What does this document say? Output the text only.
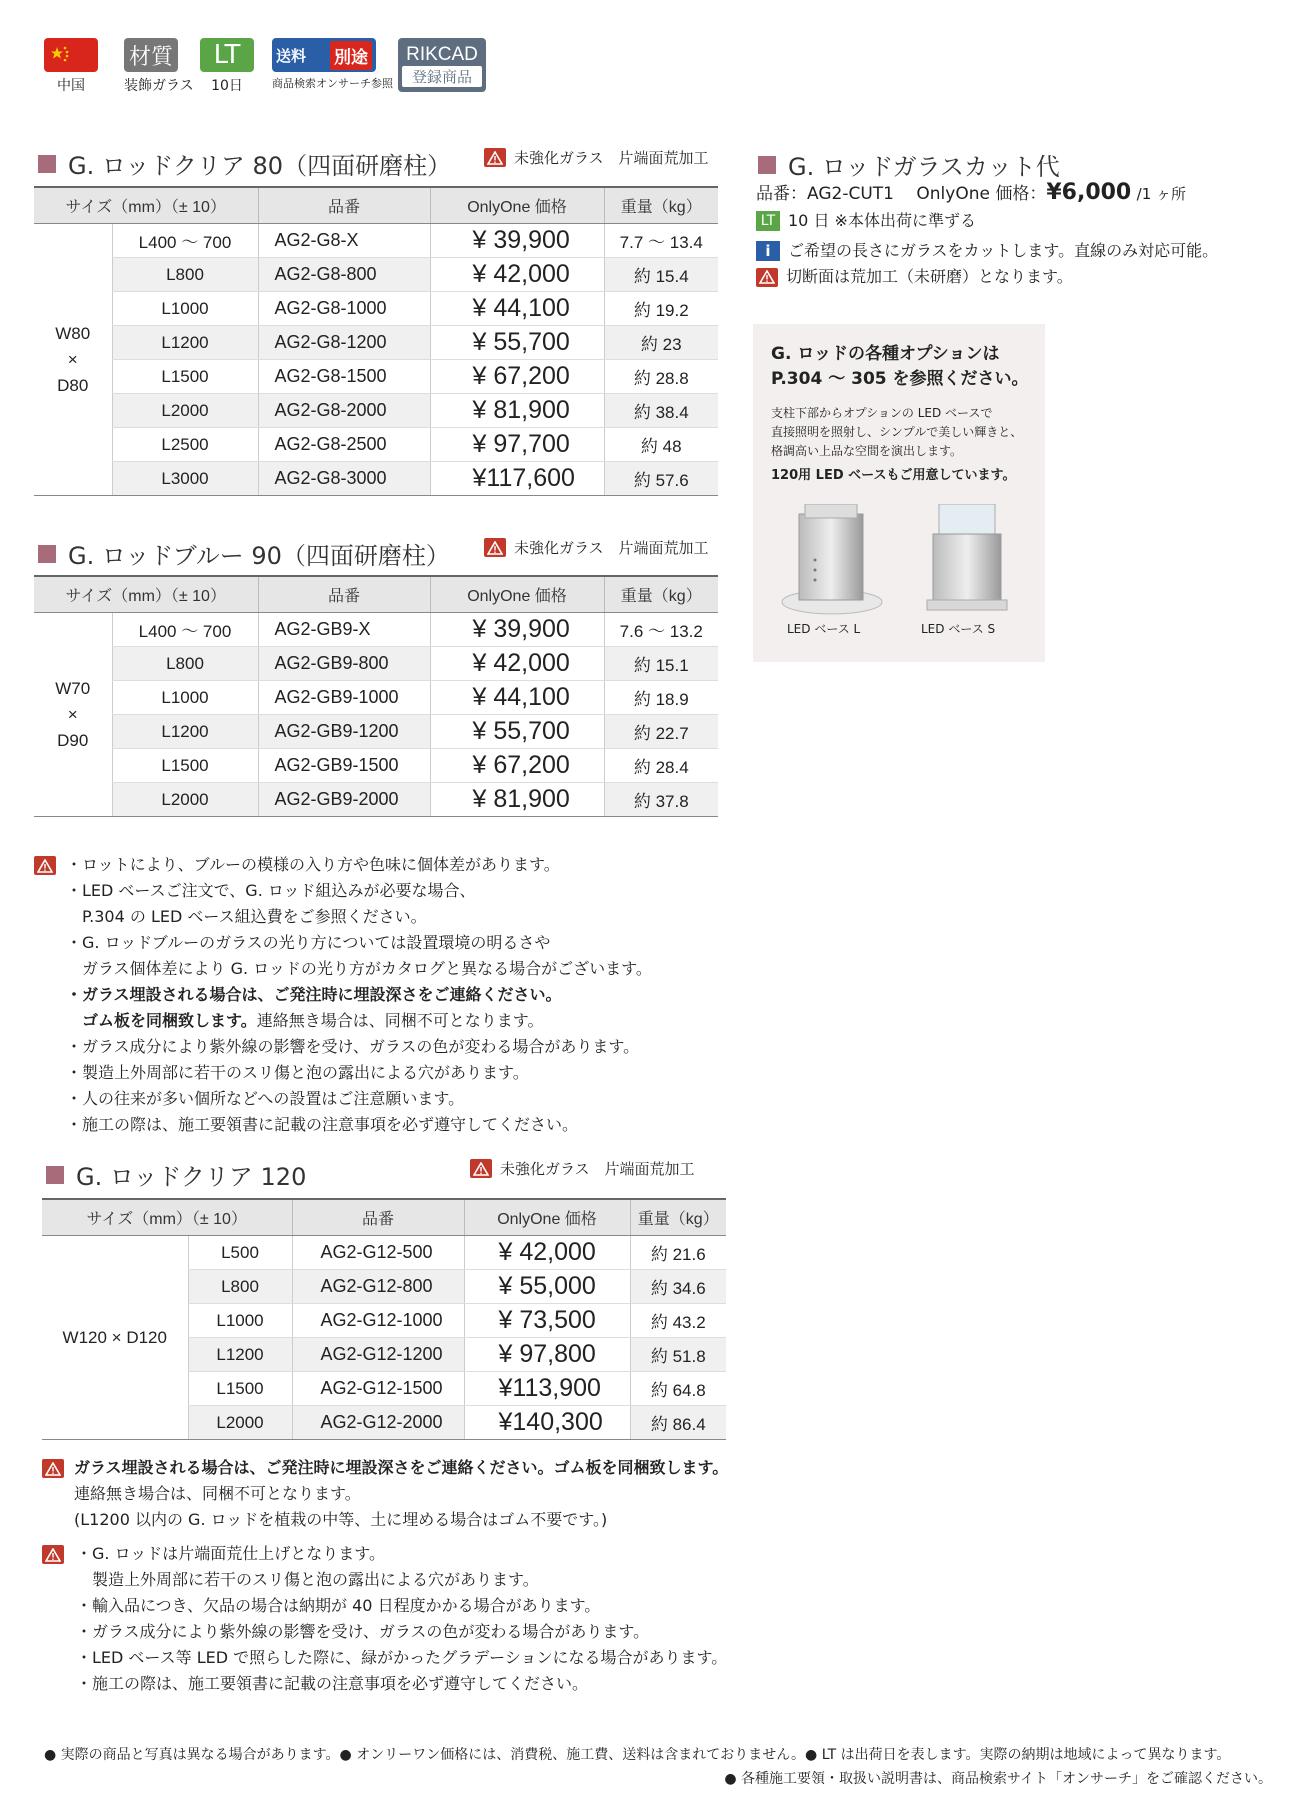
中国
材質
装飾ガラス
LT
10日
送料 別途
商品検索オンサーチ参照
RIKCAD
登録商品
G. ロッドクリア 80（四面研磨柱）	未強化ガラス　片端面荒加工
サイズ（mm）（± 10）		品番	OnlyOne 価格	重量（kg）
W80
×
D80	L400 〜 700	AG2-G8-X	¥ 39,900	7.7 〜 13.4
	L800	AG2-G8-800	¥ 42,000	約 15.4
	L1000	AG2-G8-1000	¥ 44,100	約 19.2
	L1200	AG2-G8-1200	¥ 55,700	約 23
	L1500	AG2-G8-1500	¥ 67,200	約 28.8
	L2000	AG2-G8-2000	¥ 81,900	約 38.4
	L2500	AG2-G8-2500	¥ 97,700	約 48
	L3000	AG2-G8-3000	¥117,600	約 57.6
G. ロッドブルー 90（四面研磨柱）	未強化ガラス　片端面荒加工
サイズ（mm）（± 10）		品番	OnlyOne 価格	重量（kg）
W70
×
D90	L400 〜 700	AG2-GB9-X	¥ 39,900	7.6 〜 13.2
	L800	AG2-GB9-800	¥ 42,000	約 15.1
	L1000	AG2-GB9-1000	¥ 44,100	約 18.9
	L1200	AG2-GB9-1200	¥ 55,700	約 22.7
	L1500	AG2-GB9-1500	¥ 67,200	約 28.4
	L2000	AG2-GB9-2000	¥ 81,900	約 37.8
・ロットにより、ブルーの模様の入り方や色味に個体差があります。
・LED ベースご注文で、G. ロッド組込みが必要な場合、
　P.304 の LED ベース組込費をご参照ください。
・G. ロッドブルーのガラスの光り方については設置環境の明るさや
　ガラス個体差により G. ロッドの光り方がカタログと異なる場合がございます。
・ガラス埋設される場合は、ご発注時に埋設深さをご連絡ください。
　ゴム板を同梱致します。連絡無き場合は、同梱不可となります。
・ガラス成分により紫外線の影響を受け、ガラスの色が変わる場合があります。
・製造上外周部に若干のスリ傷と泡の露出による穴があります。
・人の往来が多い個所などへの設置はご注意願います。
・施工の際は、施工要領書に記載の注意事項を必ず遵守してください。
G. ロッドクリア 120	未強化ガラス　片端面荒加工
サイズ（mm）（± 10）		品番	OnlyOne 価格	重量（kg）
W120 × D120	L500	AG2-G12-500	¥ 42,000	約 21.6
	L800	AG2-G12-800	¥ 55,000	約 34.6
	L1000	AG2-G12-1000	¥ 73,500	約 43.2
	L1200	AG2-G12-1200	¥ 97,800	約 51.8
	L1500	AG2-G12-1500	¥113,900	約 64.8
	L2000	AG2-G12-2000	¥140,300	約 86.4
ガラス埋設される場合は、ご発注時に埋設深さをご連絡ください。ゴム板を同梱致します。
連絡無き場合は、同梱不可となります。
(L1200 以内の G. ロッドを植栽の中等、土に埋める場合はゴム不要です。)
・G. ロッドは片端面荒仕上げとなります。
　製造上外周部に若干のスリ傷と泡の露出による穴があります。
・輸入品につき、欠品の場合は納期が 40 日程度かかる場合があります。
・ガラス成分により紫外線の影響を受け、ガラスの色が変わる場合があります。
・LED ベース等 LED で照らした際に、緑がかったグラデーションになる場合があります。
・施工の際は、施工要領書に記載の注意事項を必ず遵守してください。
G. ロッドガラスカット代
品番：AG2-CUT1　 OnlyOne 価格：¥6,000 /1 ヶ所
LT 10 日 ※本体出荷に準ずる
i	ご希望の長さにガラスをカットします。直線のみ対応可能。
切断面は荒加工（未研磨）となります。
G. ロッドの各種オプションは
P.304 〜 305 を参照ください。
支柱下部からオプションの LED ベースで
直接照明を照射し、シンプルで美しい輝きと、
格調高い上品な空間を演出します。
120用 LED ベースもご用意しています。
LED ベース L	LED ベース S
● 実際の商品と写真は異なる場合があります。● オンリーワン価格には、消費税、施工費、送料は含まれておりません。● LT は出荷日を表します。実際の納期は地域によって異なります。
● 各種施工要領・取扱い説明書は、商品検索サイト「オンサーチ」をご確認ください。
